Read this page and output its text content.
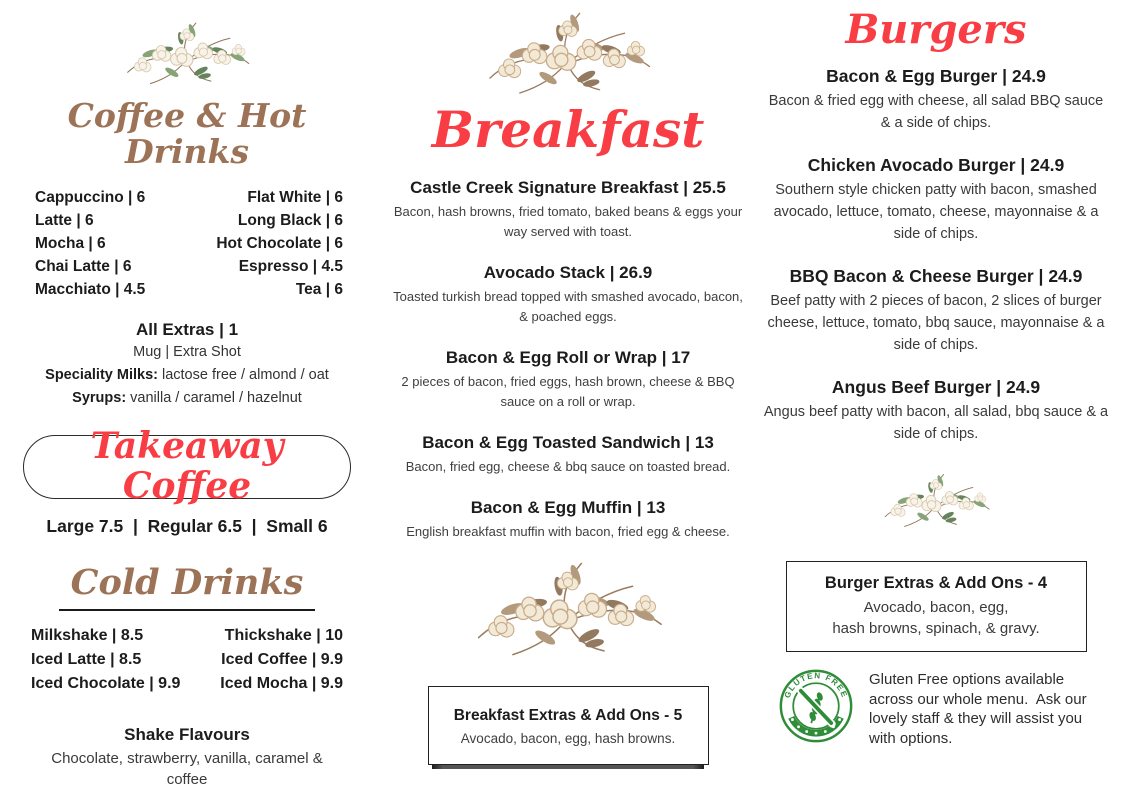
Coffee & Hot Drinks
Cappuccino | 6	Flat White | 6
Latte | 6	Long Black | 6
Mocha | 6	Hot Chocolate | 6
Chai Latte | 6	Espresso | 4.5
Macchiato | 4.5	Tea | 6
All Extras | 1
Mug | Extra Shot
Speciality Milks: lactose free / almond / oat
Syrups: vanilla / caramel / hazelnut
Takeaway Coffee
Large 7.5  |  Regular 6.5  |  Small 6
Cold Drinks
Milkshake | 8.5	Thickshake | 10
Iced Latte | 8.5	Iced Coffee | 9.9
Iced Chocolate | 9.9 Iced Mocha | 9.9
Shake Flavours
Chocolate, strawberry, vanilla, caramel & coffee
Breakfast
Castle Creek Signature Breakfast | 25.5
Bacon, hash browns, fried tomato, baked beans & eggs your way served with toast.
Avocado Stack | 26.9
Toasted turkish bread topped with smashed avocado, bacon, & poached eggs.
Bacon & Egg Roll or Wrap | 17
2 pieces of bacon, fried eggs, hash brown, cheese & BBQ sauce on a roll or wrap.
Bacon & Egg Toasted Sandwich | 13
Bacon, fried egg, cheese & bbq sauce on toasted bread.
Bacon & Egg Muffin | 13
English breakfast muffin with bacon, fried egg & cheese.
Breakfast Extras & Add Ons - 5
Avocado, bacon, egg, hash browns.
Burgers
Bacon & Egg Burger | 24.9
Bacon & fried egg with cheese, all salad BBQ sauce & a side of chips.
Chicken Avocado Burger | 24.9
Southern style chicken patty with bacon, smashed avocado, lettuce, tomato, cheese, mayonnaise & a side of chips.
BBQ Bacon & Cheese Burger | 24.9
Beef patty with 2 pieces of bacon, 2 slices of burger cheese, lettuce, tomato, bbq sauce, mayonnaise & a side of chips.
Angus Beef Burger | 24.9
Angus beef patty with bacon, all salad, bbq sauce & a side of chips.
Burger Extras & Add Ons - 4
Avocado, bacon, egg,
hash browns, spinach, & gravy.
GLUTEN FREE
Gluten Free options available across our whole menu.  Ask our lovely staff & they will assist you with options.
